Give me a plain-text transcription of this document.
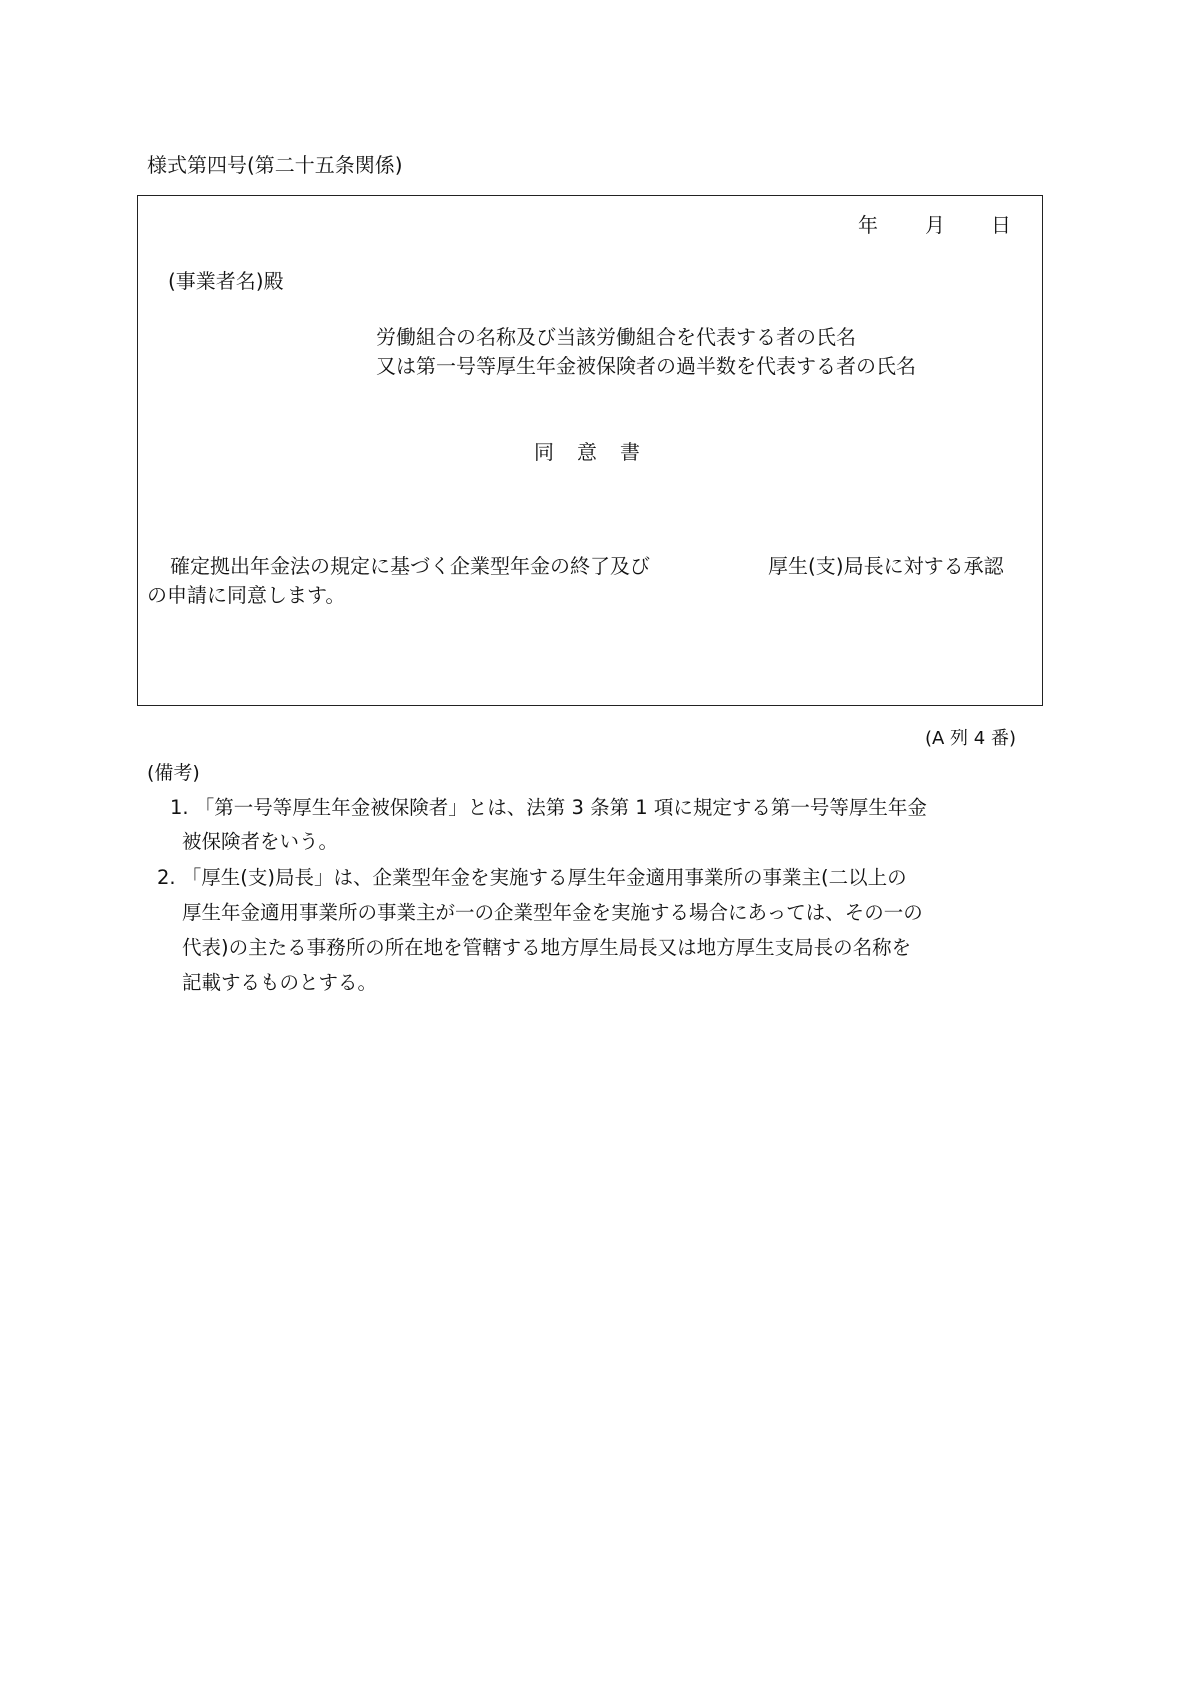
様式第四号(第二十五条関係)
年 月 日
(事業者名)殿
労働組合の名称及び当該労働組合を代表する者の氏名
又は第一号等厚生年金被保険者の過半数を代表する者の氏名
同意書
確定拠出年金法の規定に基づく企業型年金の終了及び	厚生(支)局長に対する承認
の申請に同意します。
(A 列 4 番)
(備考)
1. 「第一号等厚生年金被保険者」とは、法第 3 条第 1 項に規定する第一号等厚生年金
被保険者をいう。
2. 「厚生(支)局長」は、企業型年金を実施する厚生年金適用事業所の事業主(二以上の
厚生年金適用事業所の事業主が一の企業型年金を実施する場合にあっては、その一の
代表)の主たる事務所の所在地を管轄する地方厚生局長又は地方厚生支局長の名称を
記載するものとする。
